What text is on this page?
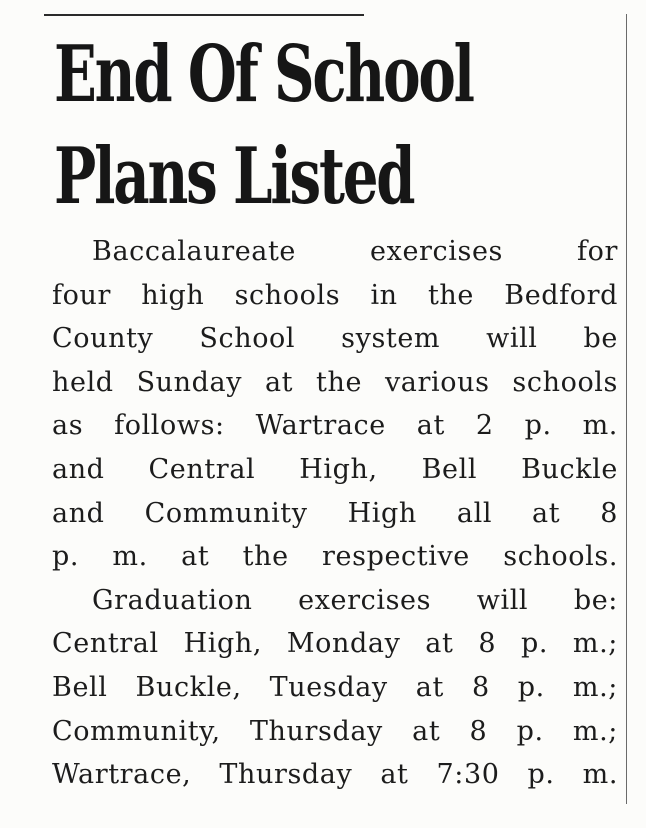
End Of School
Plans Listed
Baccalaureate exercises for
four high schools in the Bedford
County School system will be
held Sunday at the various schools
as follows: Wartrace at 2 p. m.
and Central High, Bell Buckle
and Community High all at 8
p. m. at the respective schools.
Graduation exercises will be:
Central High, Monday at 8 p. m.;
Bell Buckle, Tuesday at 8 p. m.;
Community, Thursday at 8 p. m.;
Wartrace, Thursday at 7:30 p. m.
